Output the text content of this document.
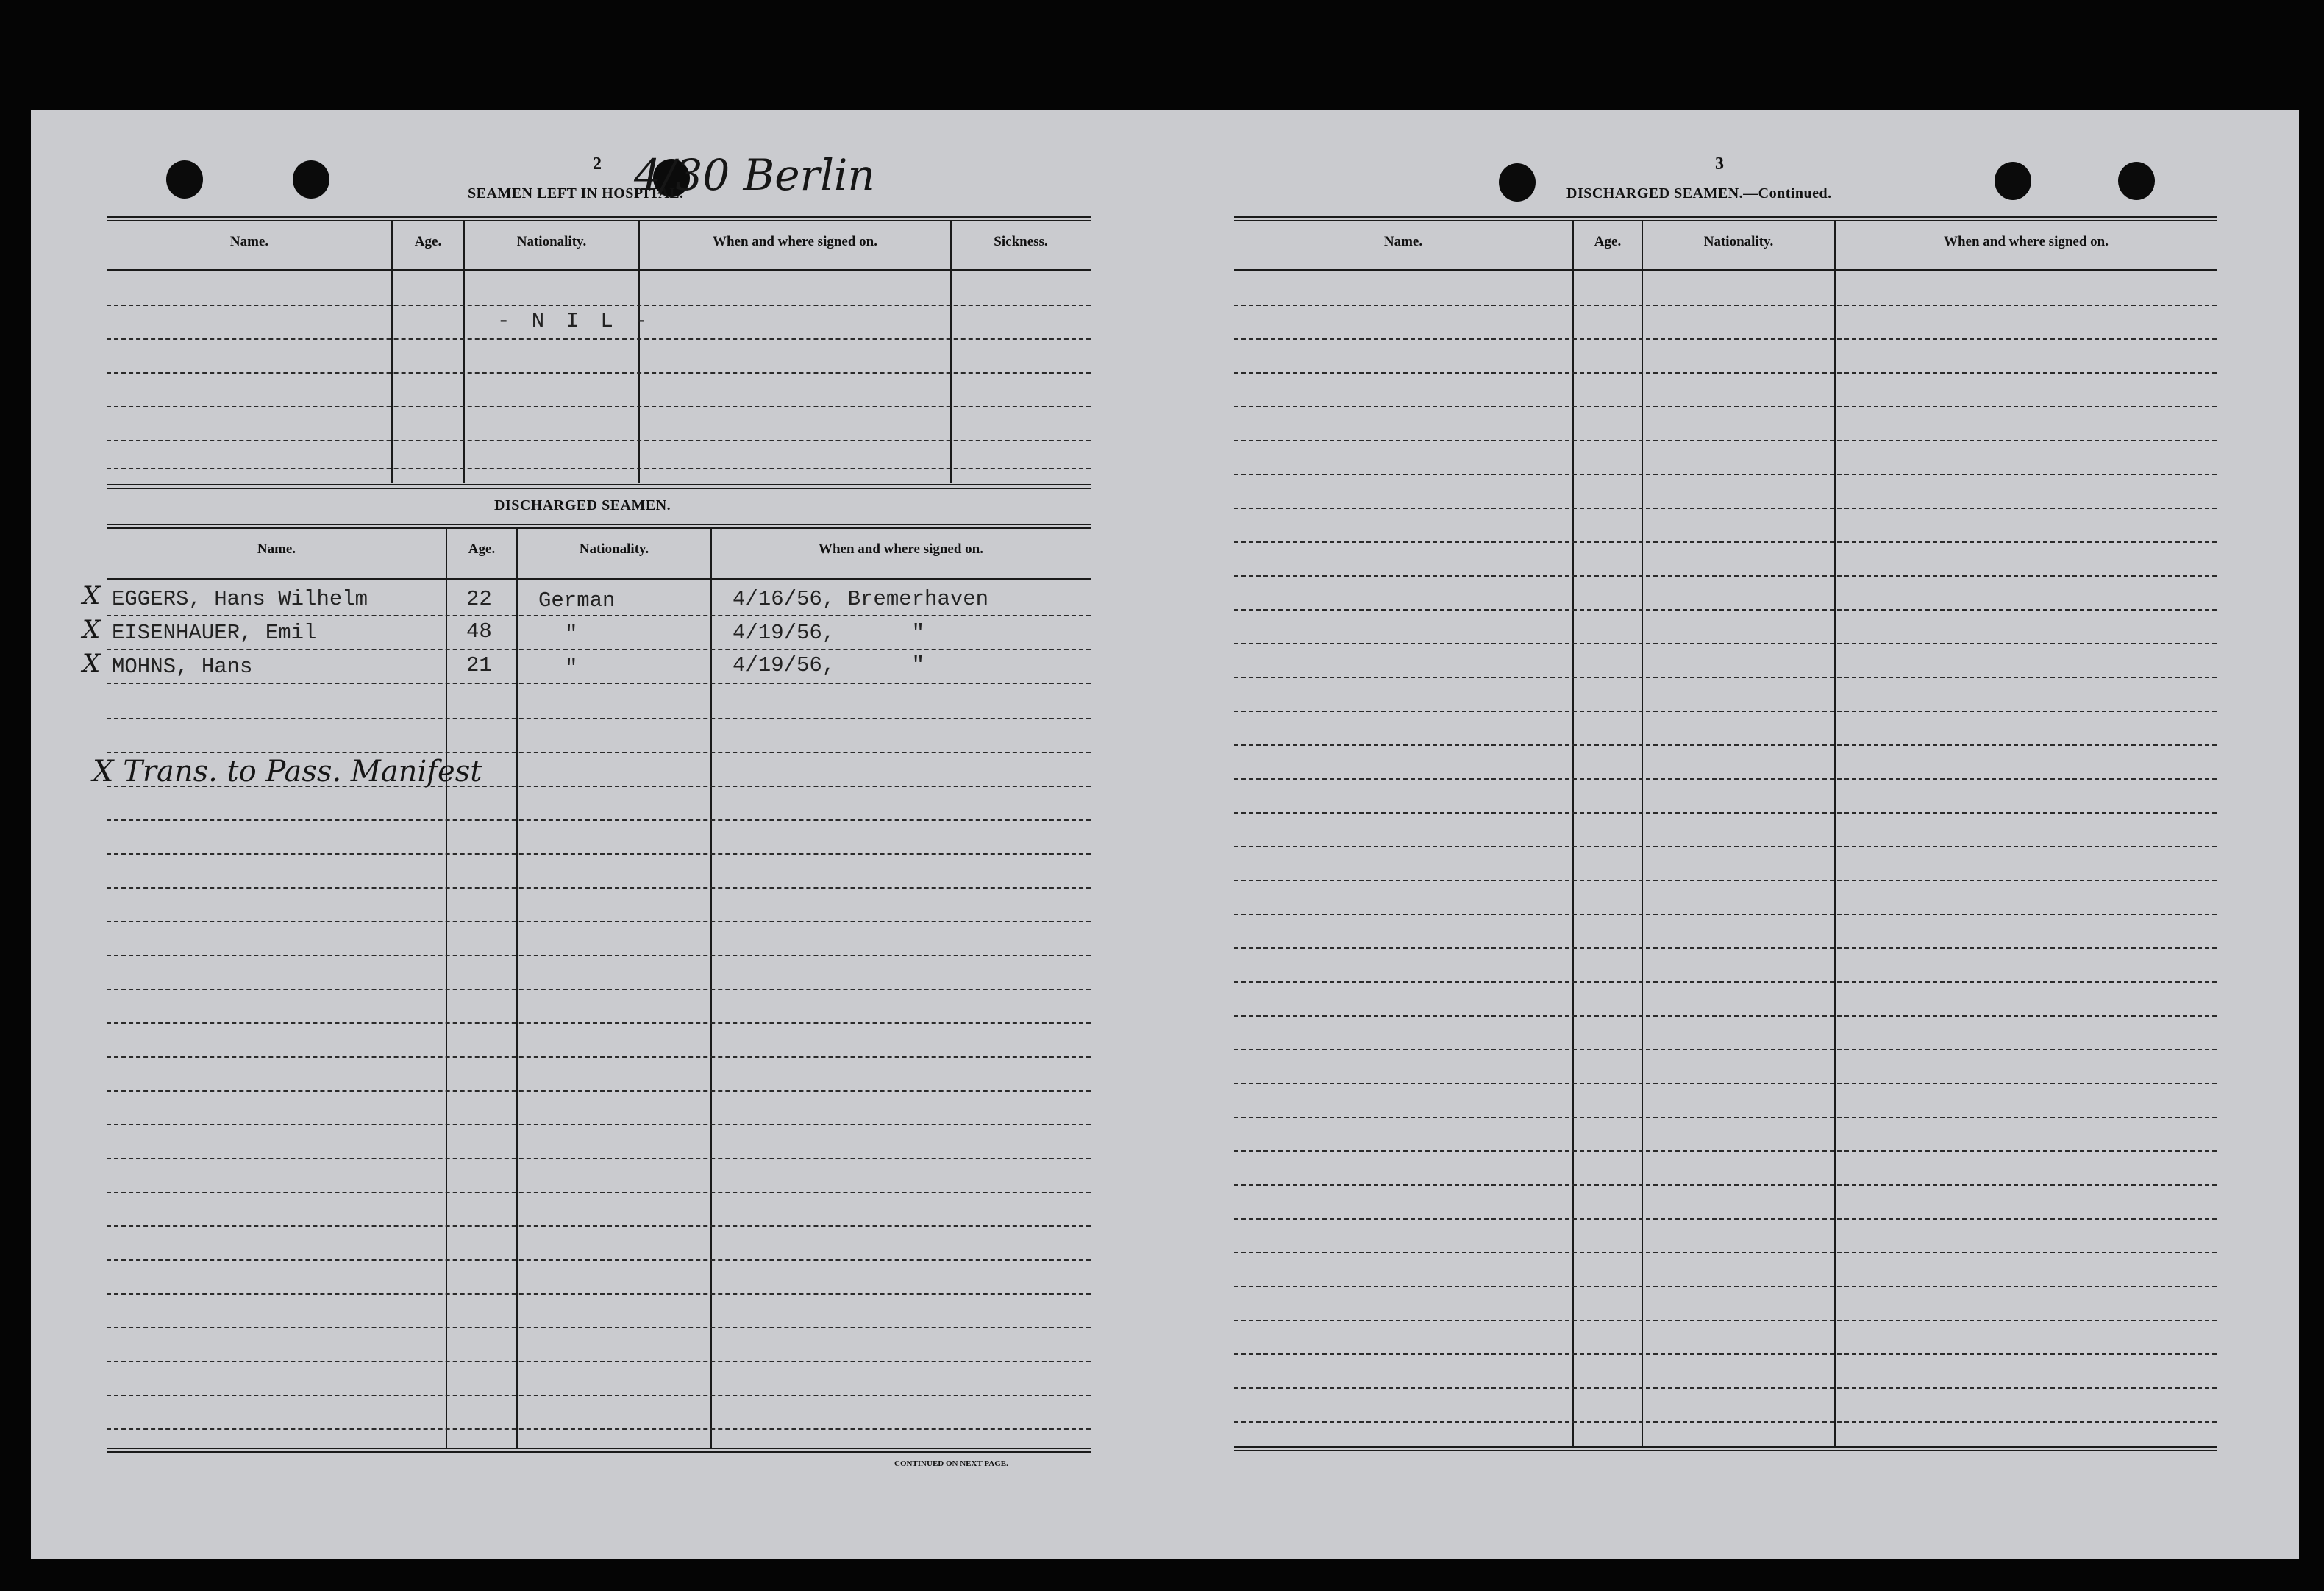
2
SEAMEN LEFT IN HOSPITAL.
4/30 Berlin
Name.	Age.	Nationality.	When and where signed on.	Sickness.
- N I L -
DISCHARGED SEAMEN.
Name.	Age.	Nationality.	When and where signed on.
X EGGERS, Hans Wilhelm	22 German	4/16/56, Bremerhaven
X EISENHAUER, Emil	48	"	4/19/56,      "
X MOHNS, Hans	21	"	4/19/56,      "
X Trans. to Pass. Manifest
CONTINUED ON NEXT PAGE.
3
DISCHARGED SEAMEN.—Continued.
Name.	Age.	Nationality.	When and where signed on.
